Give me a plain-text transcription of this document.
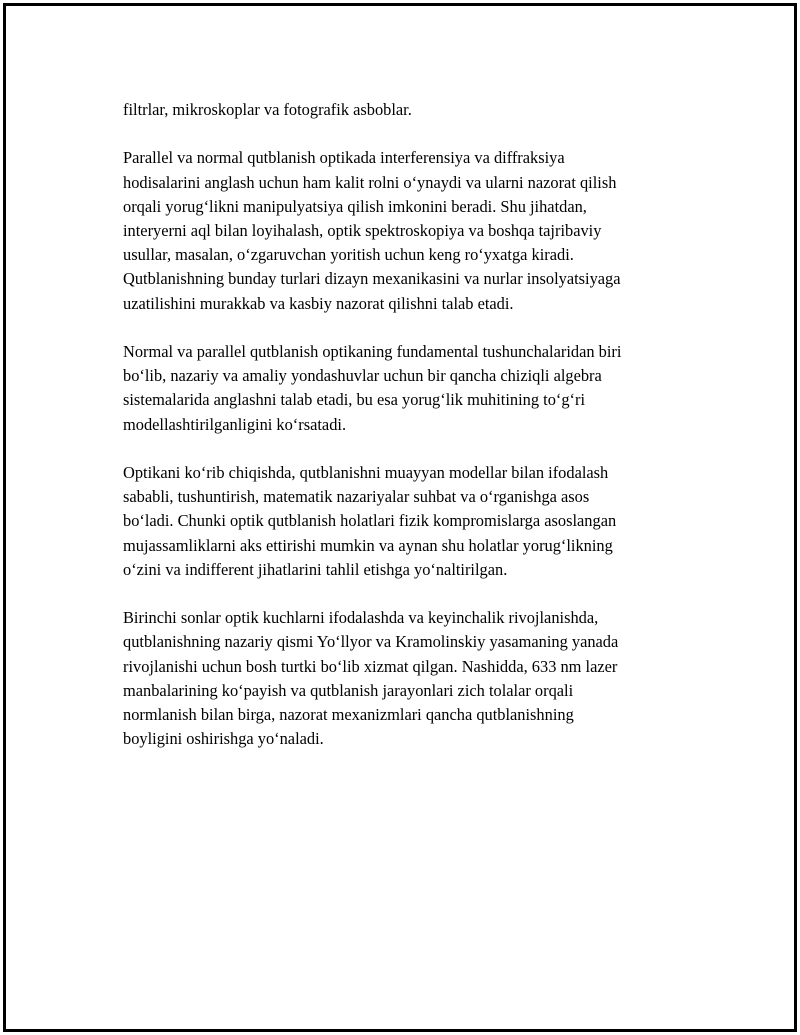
filtrlar, mikroskoplar va fotografik asboblar.

Parallel va normal qutblanish optikada interferensiya va diffraksiya
hodisalarini anglash uchun ham kalit rolni o‘ynaydi va ularni nazorat qilish
orqali yorug‘likni manipulyatsiya qilish imkonini beradi. Shu jihatdan,
interyerni aql bilan loyihalash, optik spektroskopiya va boshqa tajribaviy
usullar, masalan, o‘zgaruvchan yoritish uchun keng ro‘yxatga kiradi.
Qutblanishning bunday turlari dizayn mexanikasini va nurlar insolyatsiyaga
uzatilishini murakkab va kasbiy nazorat qilishni talab etadi.

Normal va parallel qutblanish optikaning fundamental tushunchalaridan biri
bo‘lib, nazariy va amaliy yondashuvlar uchun bir qancha chiziqli algebra
sistemalarida anglashni talab etadi, bu esa yorug‘lik muhitining to‘g‘ri
modellashtirilganligini ko‘rsatadi.

Optikani ko‘rib chiqishda, qutblanishni muayyan modellar bilan ifodalash
sababli, tushuntirish, matematik nazariyalar suhbat va o‘rganishga asos
bo‘ladi. Chunki optik qutblanish holatlari fizik kompromislarga asoslangan
mujassamliklarni aks ettirishi mumkin va aynan shu holatlar yorug‘likning
o‘zini va indifferent jihatlarini tahlil etishga yo‘naltirilgan.

Birinchi sonlar optik kuchlarni ifodalashda va keyinchalik rivojlanishda,
qutblanishning nazariy qismi Yo‘llyor va Kramolinskiy yasamaning yanada
rivojlanishi uchun bosh turtki bo‘lib xizmat qilgan. Nashidda, 633 nm lazer
manbalarining ko‘payish va qutblanish jarayonlari zich tolalar orqali
normlanish bilan birga, nazorat mexanizmlari qancha qutblanishning
boyligini oshirishga yo‘naladi.
